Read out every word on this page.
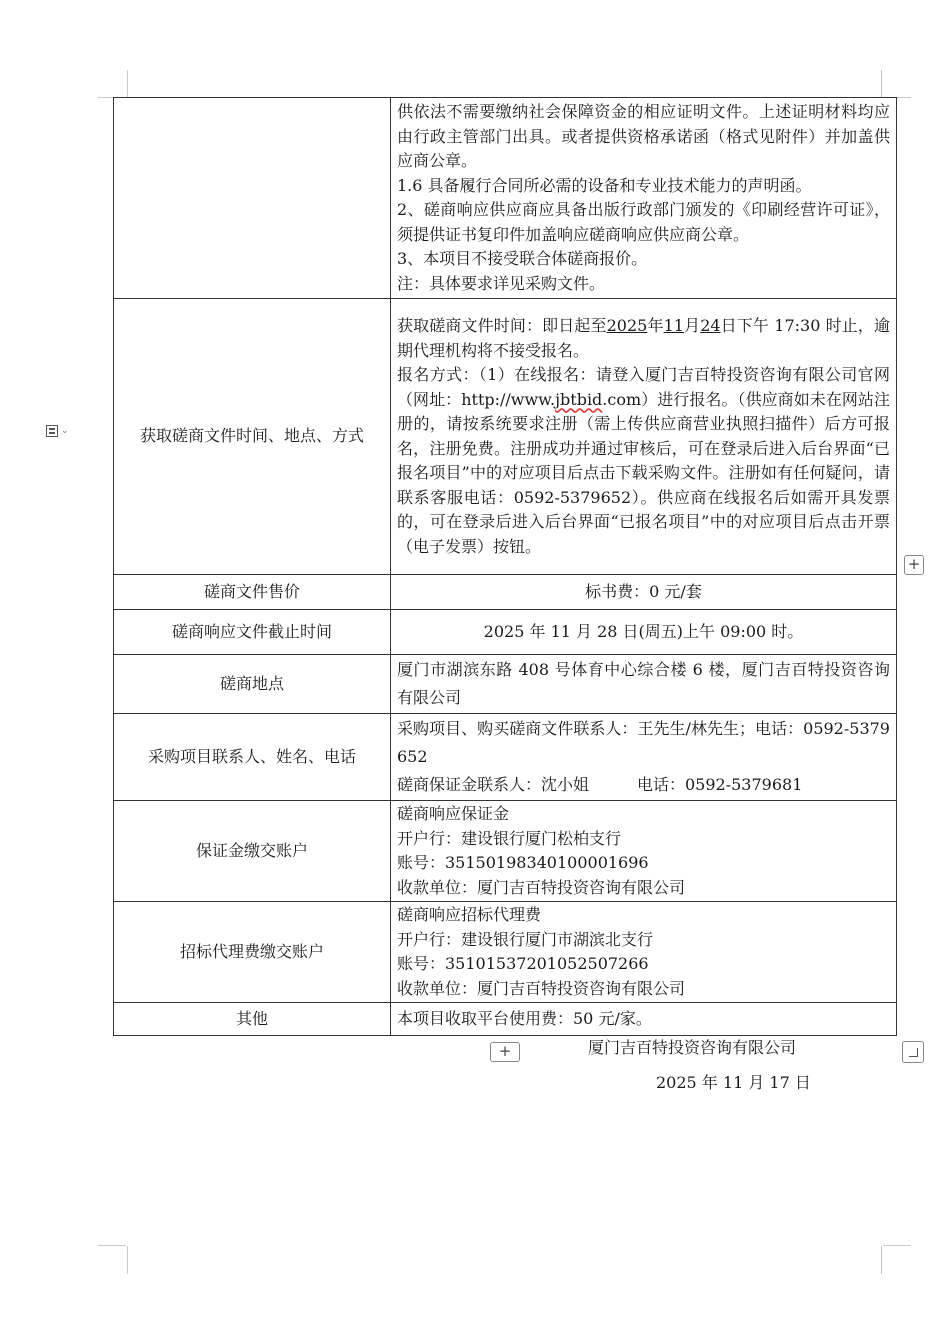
⌄

	供依法不需要缴纳社会保障资金的相应证明文件。上述证明材料均应由行政主管部门出具。或者提供资格承诺函（格式见附件）并加盖供应商公章。
1.6 具备履行合同所必需的设备和专业技术能力的声明函。
2、磋商响应供应商应具备出版行政部门颁发的《印刷经营许可证》，须提供证书复印件加盖响应磋商响应供应商公章。
3、本项目不接受联合体磋商报价。
注：具体要求详见采购文件。

获取磋商文件时间、地点、方式	获取磋商文件时间：即日起至2025年11月24日下午 17:30 时止，逾期代理机构将不接受报名。
报名方式：（1）在线报名：请登入厦门吉百特投资咨询有限公司官网（网址：http://www.jbtbid.com）进行报名。（供应商如未在网站注册的，请按系统要求注册（需上传供应商营业执照扫描件）后方可报名，注册免费。注册成功并通过审核后，可在登录后进入后台界面“已报名项目”中的对应项目后点击下载采购文件。注册如有任何疑问，请联系客服电话：0592-5379652）。供应商在线报名后如需开具发票的，可在登录后进入后台界面“已报名项目”中的对应项目后点击开票（电子发票）按钮。

磋商文件售价	标书费：0 元/套
磋商响应文件截止时间	2025 年 11 月 28 日(周五)上午 09:00 时。
磋商地点	厦门市湖滨东路 408 号体育中心综合楼 6 楼，厦门吉百特投资咨询有限公司
采购项目联系人、姓名、电话	采购项目、购买磋商文件联系人：王先生/林先生；电话：0592-5379652
磋商保证金联系人：沈小姐　　　电话：0592-5379681

保证金缴交账户	磋商响应保证金
开户行：建设银行厦门松柏支行
账号：35150198340100001696
收款单位：厦门吉百特投资咨询有限公司

招标代理费缴交账户	磋商响应招标代理费
开户行：建设银行厦门市湖滨北支行
账号：35101537201052507266
收款单位：厦门吉百特投资咨询有限公司

其他	本项目收取平台使用费：50 元/家。
+
+	厦门吉百特投资咨询有限公司
2025 年 11 月 17 日
